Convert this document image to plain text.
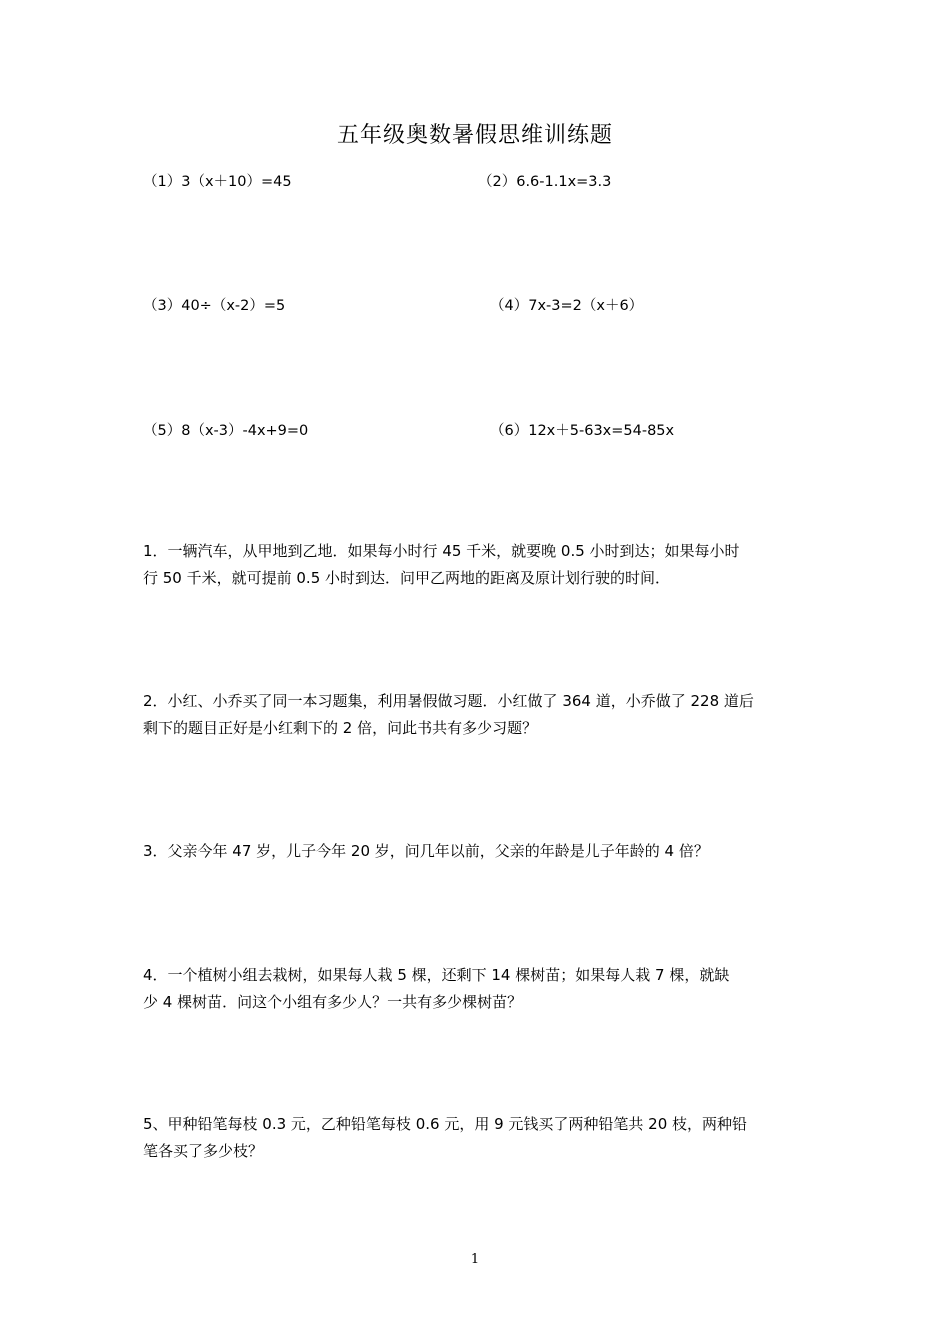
五年级奥数暑假思维训练题
（1）3（x＋10）=45	（2）6.6-1.1x=3.3
（3）40÷（x-2）=5	（4）7x-3=2（x＋6）
（5）8（x-3）-4x+9=0	（6）12x＋5-63x=54-85x
1．一辆汽车，从甲地到乙地．如果每小时行 45 千米，就要晚 0.5 小时到达；如果每小时
行 50 千米，就可提前 0.5 小时到达．问甲乙两地的距离及原计划行驶的时间．
2．小红、小乔买了同一本习题集，利用暑假做习题．小红做了 364 道，小乔做了 228 道后
剩下的题目正好是小红剩下的 2 倍，问此书共有多少习题？
3．父亲今年 47 岁，儿子今年 20 岁，问几年以前，父亲的年龄是儿子年龄的 4 倍？
4．一个植树小组去栽树，如果每人栽 5 棵，还剩下 14 棵树苗；如果每人栽 7 棵，就缺
少 4 棵树苗．问这个小组有多少人？一共有多少棵树苗？
5、甲种铅笔每枝 0.3 元，乙种铅笔每枝 0.6 元，用 9 元钱买了两种铅笔共 20 枝，两种铅
笔各买了多少枝？
1
